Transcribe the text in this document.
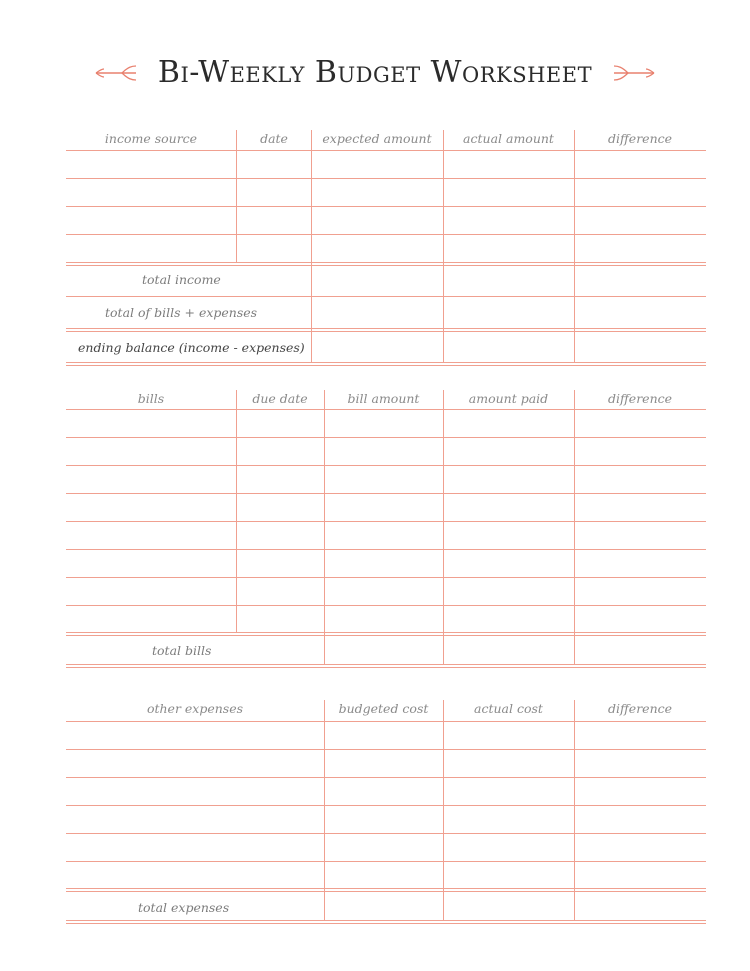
Bi-Weekly Budget Worksheet
income source	date	expected amount	actual amount	difference
total income
total of bills + expenses
ending balance (income - expenses)
bills	due date	bill amount	amount paid	difference
total bills
other expenses	budgeted cost	actual cost	difference
total expenses
